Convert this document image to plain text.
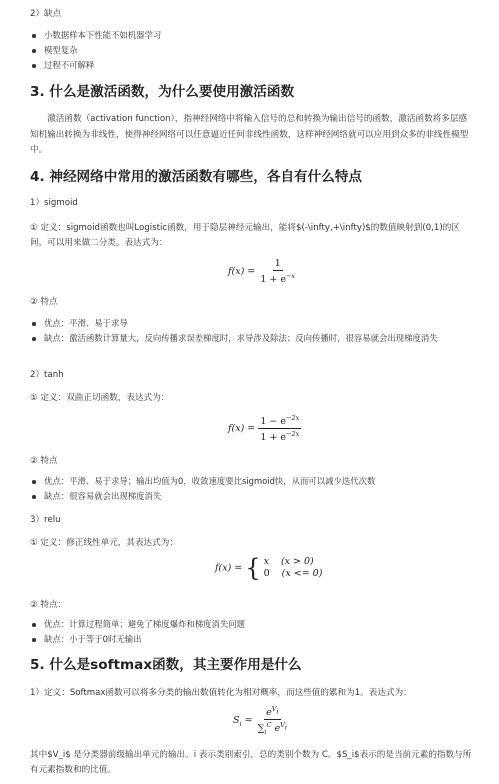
2）缺点

小数据样本下性能不如机器学习
模型复杂
过程不可解释
3. 什么是激活函数，为什么要使用激活函数

激活函数（activation function），指神经网络中将输入信号的总和转换为输出信号的函数，激活函数将多层感知机输出转换为非线性，使得神经网络可以任意逼近任何非线性函数，这样神经网络就可以应用到众多的非线性模型中。

4. 神经网络中常用的激活函数有哪些，各自有什么特点

1）sigmoid

① 定义：sigmoid函数也叫Logistic函数，用于隐层神经元输出，能将$(-\infty,+\infty)$的数值映射到(0,1)的区间，可以用来做二分类。表达式为：

$f(x) = \frac{1}{1 + e^{-x}}$

② 特点

优点：平滑、易于求导
缺点：激活函数计算量大，反向传播求误差梯度时，求导涉及除法；反向传播时，很容易就会出现梯度消失

2）tanh

① 定义：双曲正切函数，表达式为：

$f(x) = \frac{1 - e^{-2x}}{1 + e^{-2x}}$

② 特点

优点：平滑、易于求导；输出均值为0，收敛速度要比sigmoid快，从而可以减少迭代次数
缺点：很容易就会出现梯度消失

3）relu

① 定义：修正线性单元，其表达式为：

f(x) = { x (x > 0)
0 (x <= 0)

② 特点：

优点：计算过程简单；避免了梯度爆炸和梯度消失问题
缺点：小于等于0时无输出
5. 什么是softmax函数，其主要作用是什么

1）定义：Softmax函数可以将多分类的输出数值转化为相对概率，而这些值的累和为1。表达式为：

$S_i = \frac{e^{V_i}}{\sum_i^C e^{V_i}}$

其中$V_i$ 是分类器前级输出单元的输出。i 表示类别索引，总的类别个数为 C。$S_i$表示的是当前元素的指数与所有元素指数和的比值。
